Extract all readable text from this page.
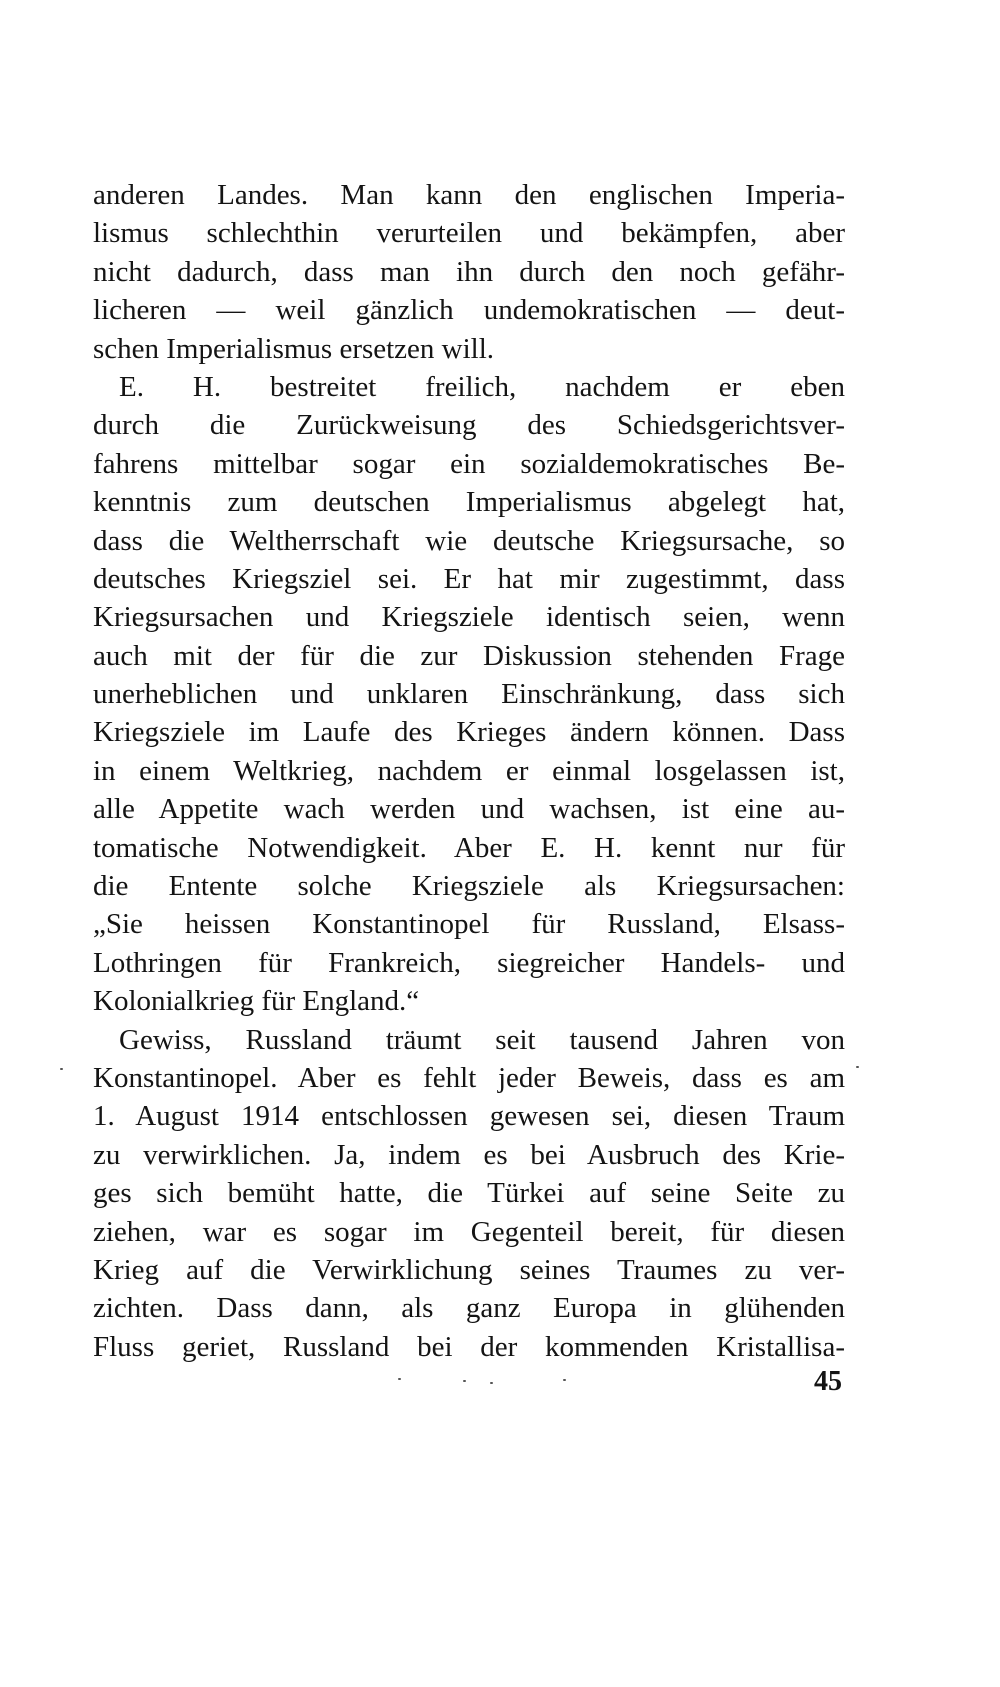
anderen Landes. Man kann den englischen Imperia-
lismus schlechthin verurteilen und bekämpfen, aber
nicht dadurch, dass man ihn durch den noch gefähr-
licheren — weil gänzlich undemokratischen — deut-
schen Imperialismus ersetzen will.
E. H. bestreitet freilich, nachdem er eben
durch die Zurückweisung des Schiedsgerichtsver-
fahrens mittelbar sogar ein sozialdemokratisches Be-
kenntnis zum deutschen Imperialismus abgelegt hat,
dass die Weltherrschaft wie deutsche Kriegsursache, so
deutsches Kriegsziel sei. Er hat mir zugestimmt, dass
Kriegsursachen und Kriegsziele identisch seien, wenn
auch mit der für die zur Diskussion stehenden Frage
unerheblichen und unklaren Einschränkung, dass sich
Kriegsziele im Laufe des Krieges ändern können. Dass
in einem Weltkrieg, nachdem er einmal losgelassen ist,
alle Appetite wach werden und wachsen, ist eine au-
tomatische Notwendigkeit. Aber E. H. kennt nur für
die Entente solche Kriegsziele als Kriegsursachen:
„Sie heissen Konstantinopel für Russland, Elsass-
Lothringen für Frankreich, siegreicher Handels- und
Kolonialkrieg für England.“
Gewiss, Russland träumt seit tausend Jahren von
Konstantinopel. Aber es fehlt jeder Beweis, dass es am
1. August 1914 entschlossen gewesen sei, diesen Traum
zu verwirklichen. Ja, indem es bei Ausbruch des Krie-
ges sich bemüht hatte, die Türkei auf seine Seite zu
ziehen, war es sogar im Gegenteil bereit, für diesen
Krieg auf die Verwirklichung seines Traumes zu ver-
zichten. Dass dann, als ganz Europa in glühenden
Fluss geriet, Russland bei der kommenden Kristallisa-
45
